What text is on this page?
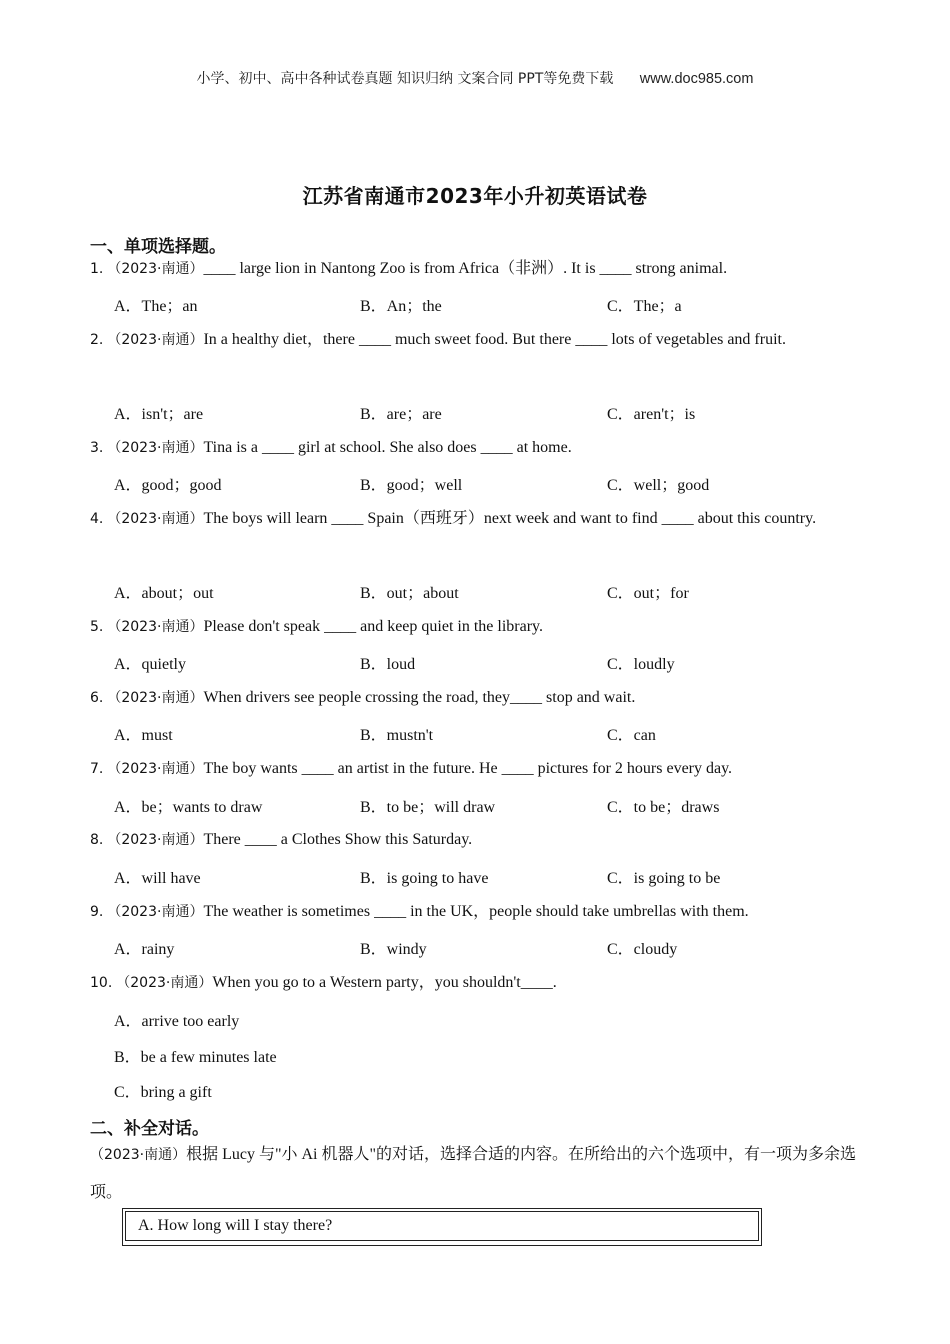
小学、初中、高中各种试卷真题 知识归纳 文案合同 PPT等免费下载 www.doc985.com
江苏省南通市2023年小升初英语试卷
一、单项选择题。
1. （2023·南通）____ large lion in Nantong Zoo is from Africa（非洲）. It is ____ strong animal.
A．The；an	B．An；the	C．The；a
2. （2023·南通）In a healthy diet，there ____ much sweet food. But there ____ lots of vegetables and fruit.
A．isn't；are	B．are；are	C．aren't；is
3. （2023·南通）Tina is a ____ girl at school. She also does ____ at home.
A．good；good	B．good；well	C．well；good
4. （2023·南通）The boys will learn ____ Spain（西班牙）next week and want to find ____ about this country.
A．about；out	B．out；about	C．out；for
5. （2023·南通）Please don't speak ____ and keep quiet in the library.
A．quietly	B．loud	C．loudly
6. （2023·南通）When drivers see people crossing the road, they____ stop and wait.
A．must	B．mustn't	C．can
7. （2023·南通）The boy wants ____ an artist in the future. He ____ pictures for 2 hours every day.
A．be；wants to draw	B．to be；will draw	C．to be；draws
8. （2023·南通）There ____ a Clothes Show this Saturday.
A．will have	B．is going to have	C．is going to be
9. （2023·南通）The weather is sometimes ____ in the UK，people should take umbrellas with them.
A．rainy	B．windy	C．cloudy
10. （2023·南通）When you go to a Western party，you shouldn't____.
A．arrive too early
B．be a few minutes late
C．bring a gift
二、补全对话。
（2023·南通）根据 Lucy 与"小 Ai 机器人"的对话，选择合适的内容。在所给出的六个选项中，有一项为多余选项。
A. How long will I stay there?
